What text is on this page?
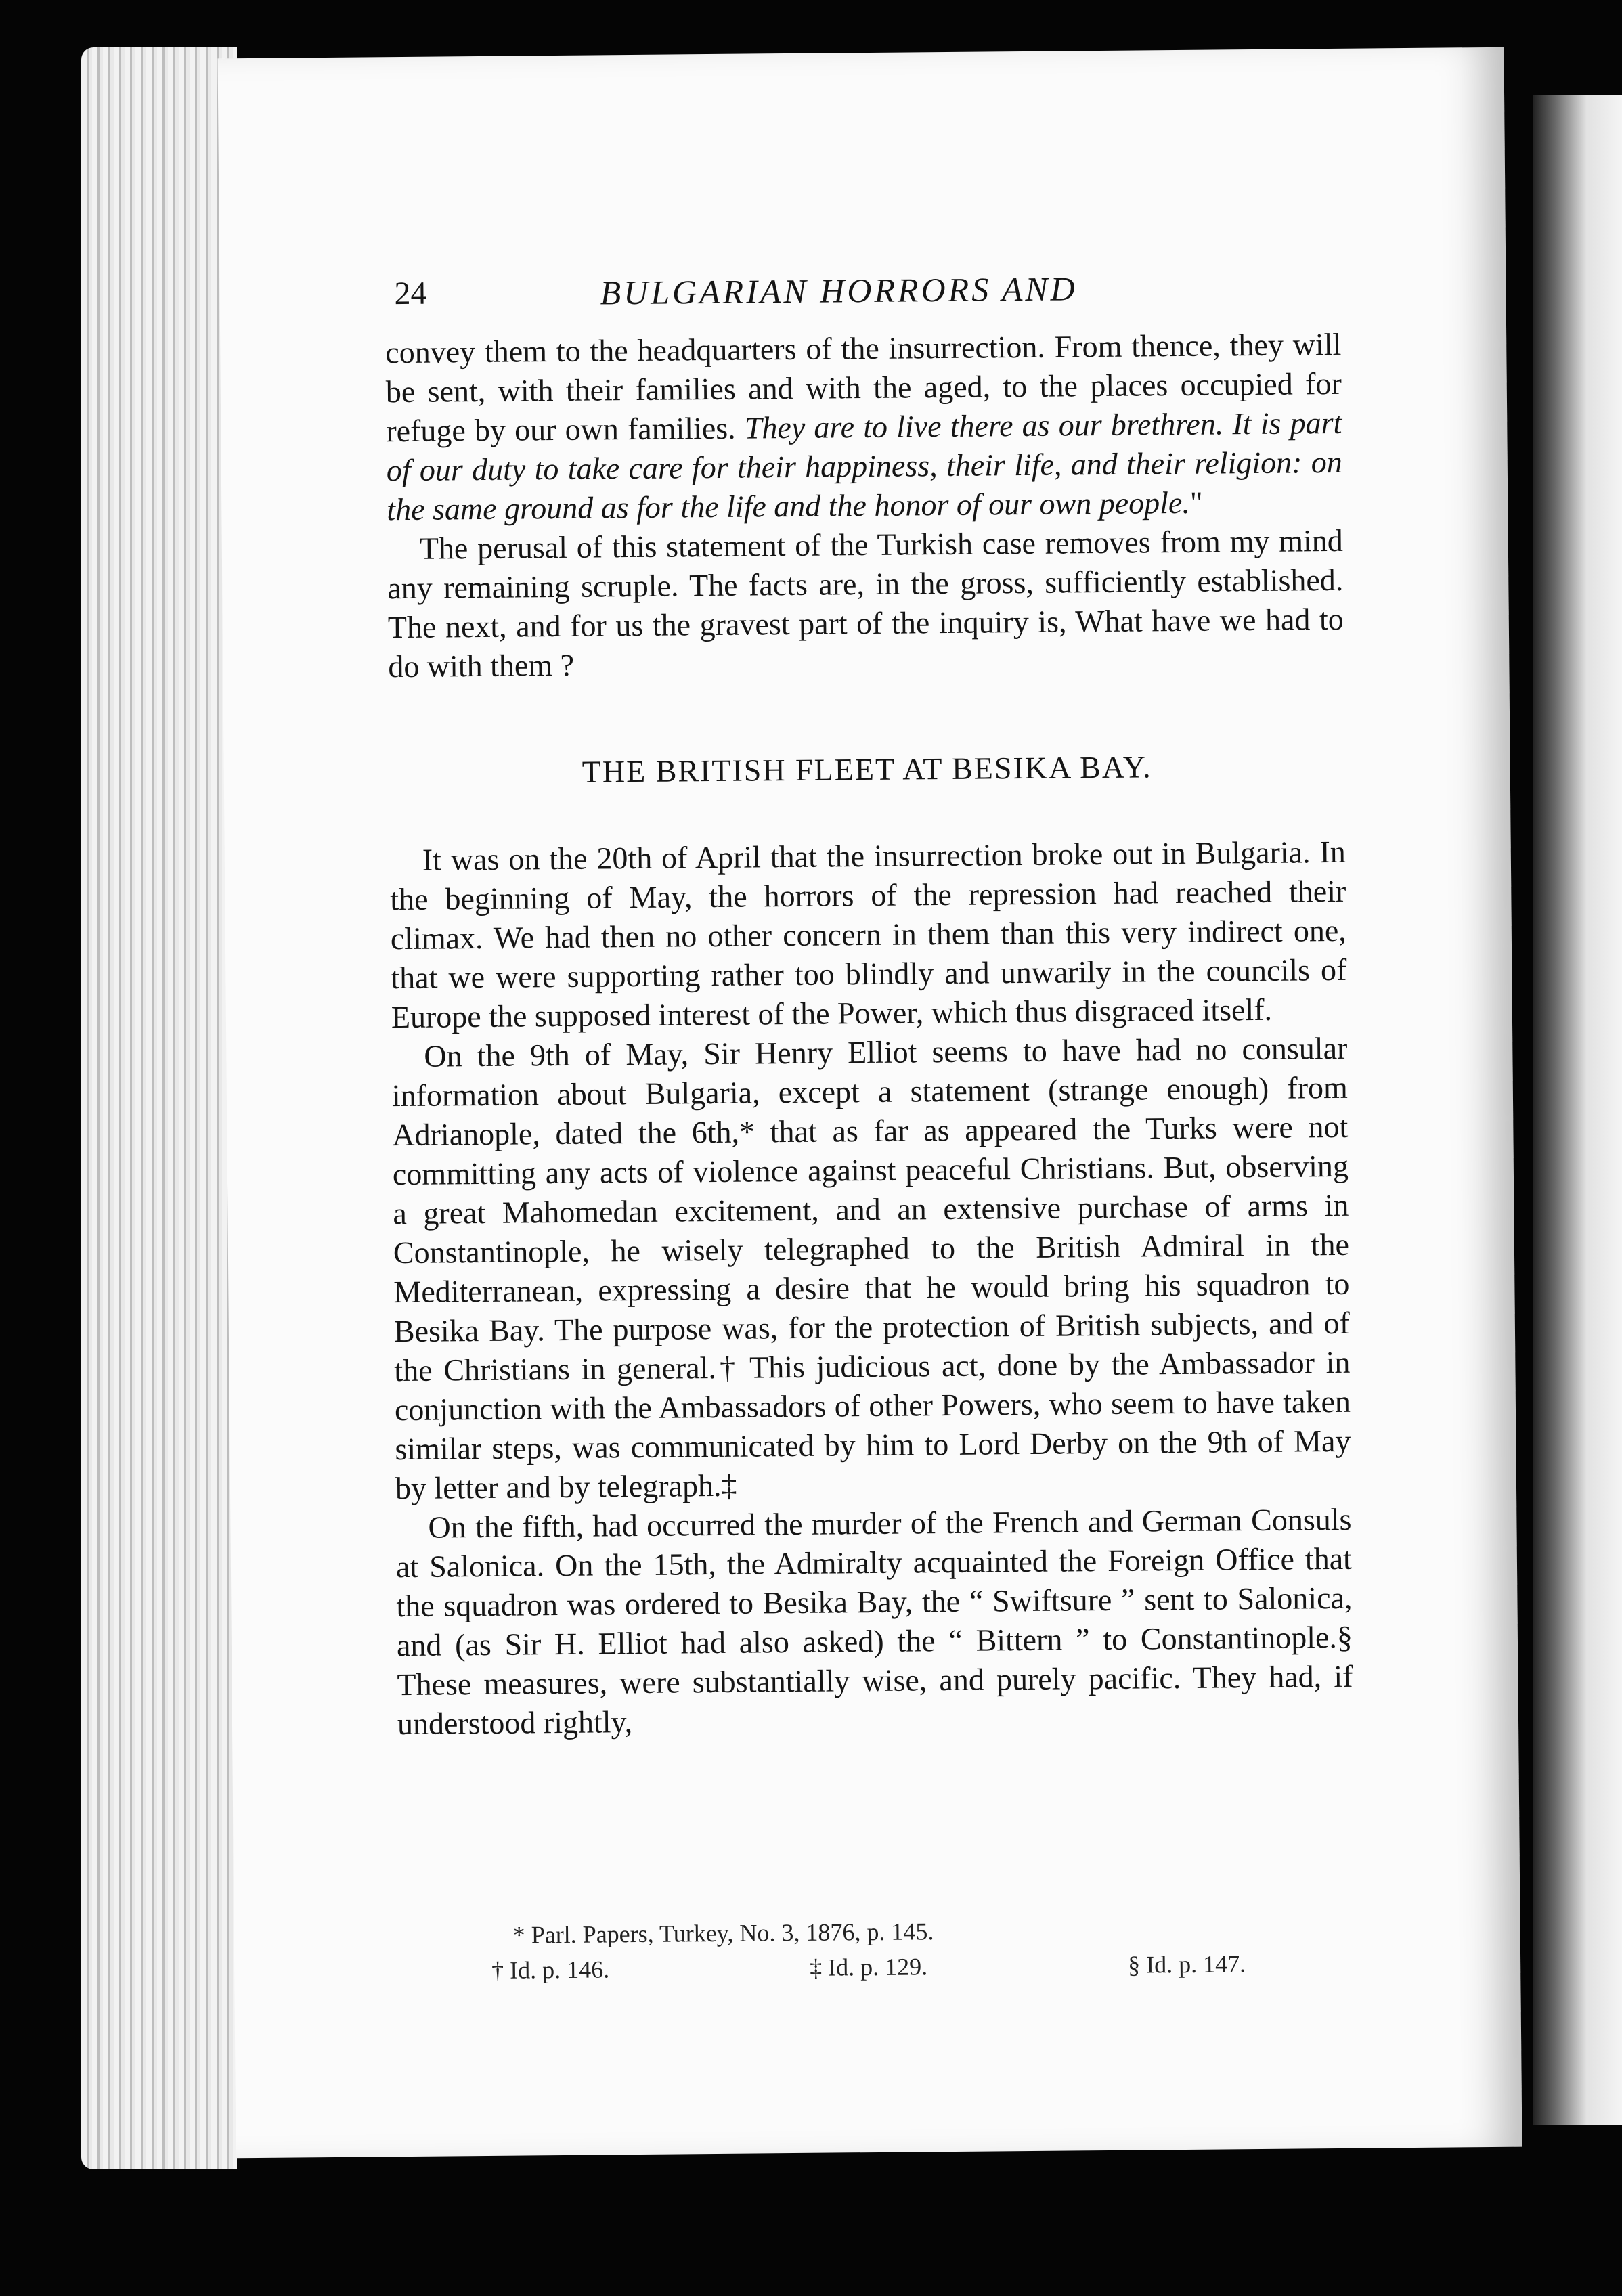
24	BULGARIAN HORRORS AND

convey them to the headquarters of the insurrection. From thence, they will be sent, with their families and with the aged, to the places occupied for refuge by our own families. They are to live there as our brethren. It is part of our duty to take care for their happiness, their life, and their religion: on the same ground as for the life and the honor of our own people."

The perusal of this statement of the Turkish case removes from my mind any remaining scruple. The facts are, in the gross, sufficiently established. The next, and for us the gravest part of the inquiry is, What have we had to do with them ?

THE BRITISH FLEET AT BESIKA BAY.

It was on the 20th of April that the insurrection broke out in Bulgaria. In the beginning of May, the horrors of the repression had reached their climax. We had then no other concern in them than this very indirect one, that we were supporting rather too blindly and unwarily in the councils of Europe the supposed interest of the Power, which thus disgraced itself.

On the 9th of May, Sir Henry Elliot seems to have had no consular information about Bulgaria, except a statement (strange enough) from Adrianople, dated the 6th,* that as far as appeared the Turks were not committing any acts of violence against peaceful Christians. But, observing a great Mahomedan excitement, and an extensive purchase of arms in Constantinople, he wisely telegraphed to the British Admiral in the Mediterranean, expressing a desire that he would bring his squadron to Besika Bay. The purpose was, for the protection of British subjects, and of the Christians in general.† This judicious act, done by the Ambassador in conjunction with the Ambassadors of other Powers, who seem to have taken similar steps, was communicated by him to Lord Derby on the 9th of May by letter and by telegraph.‡

On the fifth, had occurred the murder of the French and German Consuls at Salonica. On the 15th, the Admiralty acquainted the Foreign Office that the squadron was ordered to Besika Bay, the “ Swiftsure ” sent to Salonica, and (as Sir H. Elliot had also asked) the “ Bittern ” to Constantinople.§ These measures, were substantially wise, and purely pacific. They had, if understood rightly,

* Parl. Papers, Turkey, No. 3, 1876, p. 145.
† Id. p. 146.	‡ Id. p. 129.	§ Id. p. 147.
